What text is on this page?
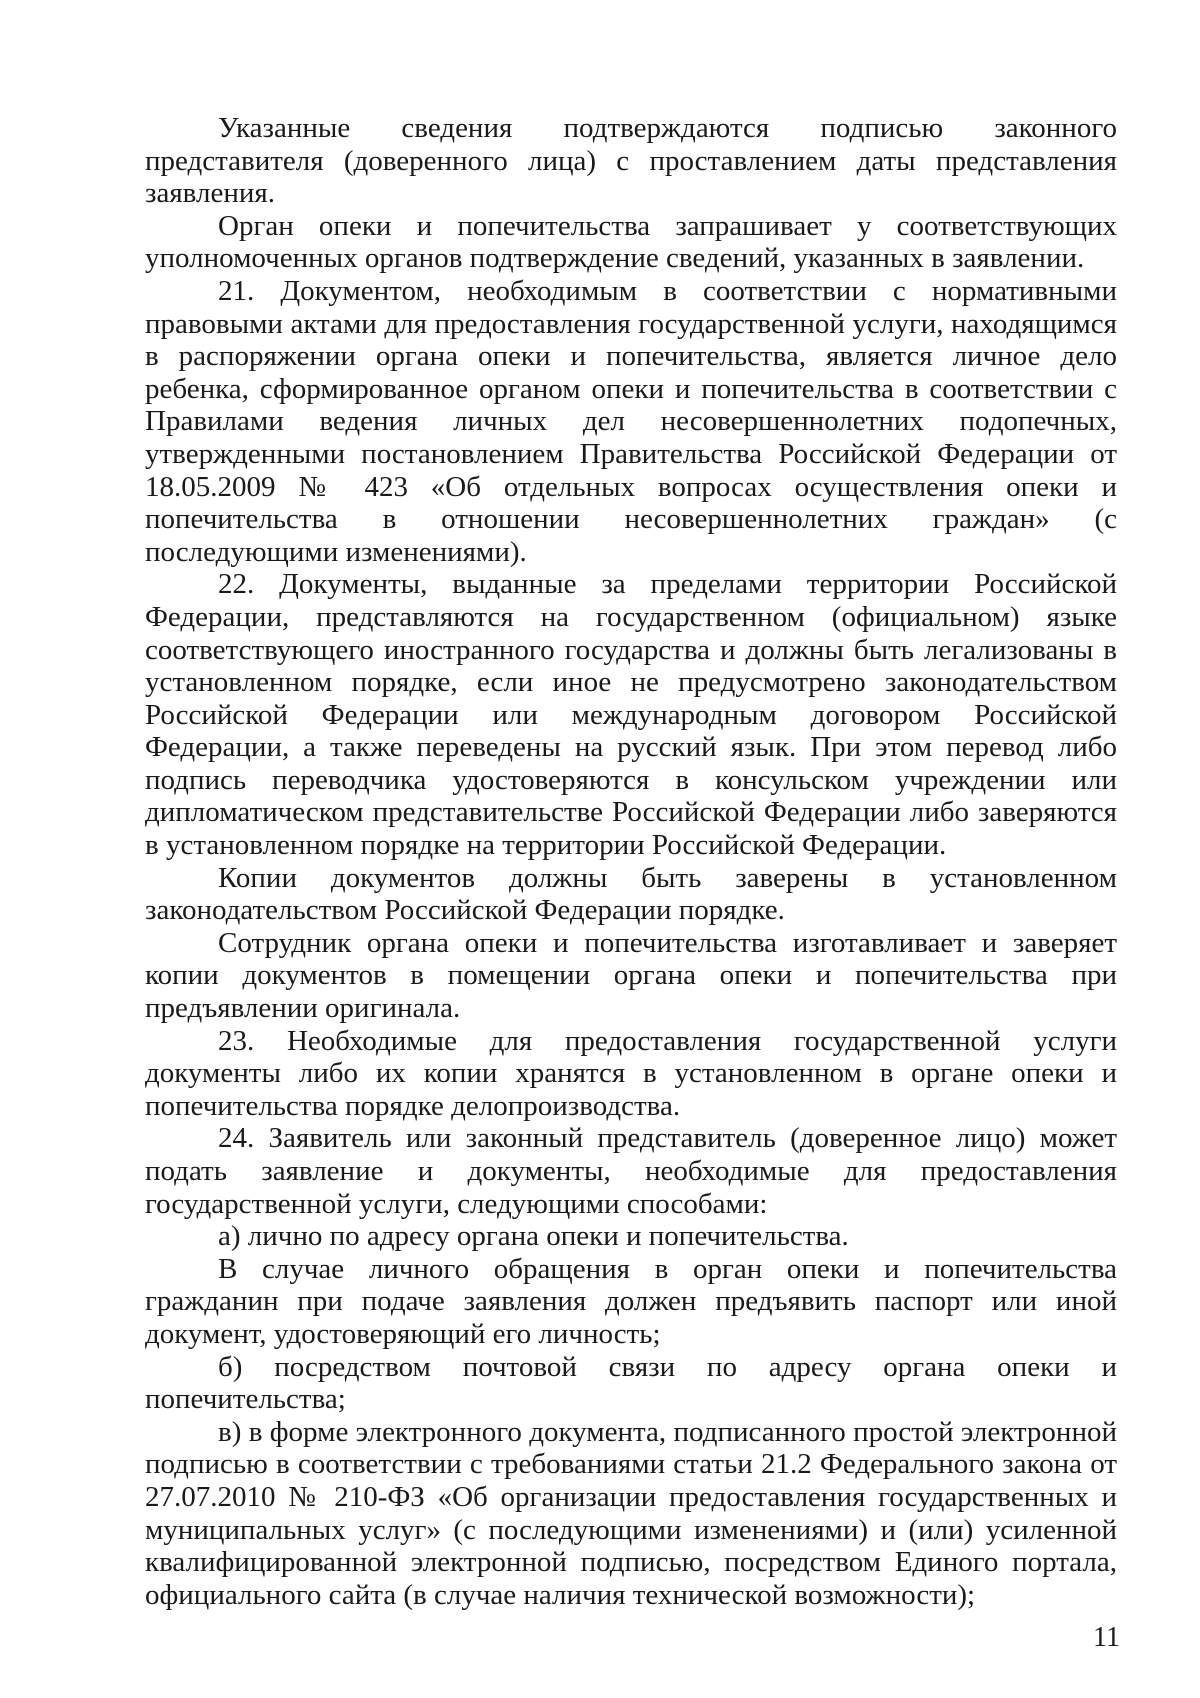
Указанные сведения подтверждаются подписью законного представителя (доверенного лица) с проставлением даты представления заявления.

Орган опеки и попечительства запрашивает у соответствующих уполномоченных органов подтверждение сведений, указанных в заявлении.

21. Документом, необходимым в соответствии с нормативными правовыми актами для предоставления государственной услуги, находящимся в распоряжении органа опеки и попечительства, является личное дело ребенка, сформированное органом опеки и попечительства в соответствии с Правилами ведения личных дел несовершеннолетних подопечных, утвержденными постановлением Правительства Российской Федерации от 18.05.2009 № 423 «Об отдельных вопросах осуществления опеки и попечительства в отношении несовершеннолетних граждан» (с последующими изменениями).

22. Документы, выданные за пределами территории Российской Федерации, представляются на государственном (официальном) языке соответствующего иностранного государства и должны быть легализованы в установленном порядке, если иное не предусмотрено законодательством Российской Федерации или международным договором Российской Федерации, а также переведены на русский язык. При этом перевод либо подпись переводчика удостоверяются в консульском учреждении или дипломатическом представительстве Российской Федерации либо заверяются в установленном порядке на территории Российской Федерации.

Копии документов должны быть заверены в установленном законодательством Российской Федерации порядке.

Сотрудник органа опеки и попечительства изготавливает и заверяет копии документов в помещении органа опеки и попечительства при предъявлении оригинала.

23. Необходимые для предоставления государственной услуги документы либо их копии хранятся в установленном в органе опеки и попечительства порядке делопроизводства.

24. Заявитель или законный представитель (доверенное лицо) может подать заявление и документы, необходимые для предоставления государственной услуги, следующими способами:

а) лично по адресу органа опеки и попечительства.

В случае личного обращения в орган опеки и попечительства гражданин при подаче заявления должен предъявить паспорт или иной документ, удостоверяющий его личность;

б) посредством почтовой связи по адресу органа опеки и попечительства;

в) в форме электронного документа, подписанного простой электронной подписью в соответствии с требованиями статьи 21.2 Федерального закона от 27.07.2010 № 210-ФЗ «Об организации предоставления государственных и муниципальных услуг» (с последующими изменениями) и (или) усиленной квалифицированной электронной подписью, посредством Единого портала, официального сайта (в случае наличия технической возможности);

11
